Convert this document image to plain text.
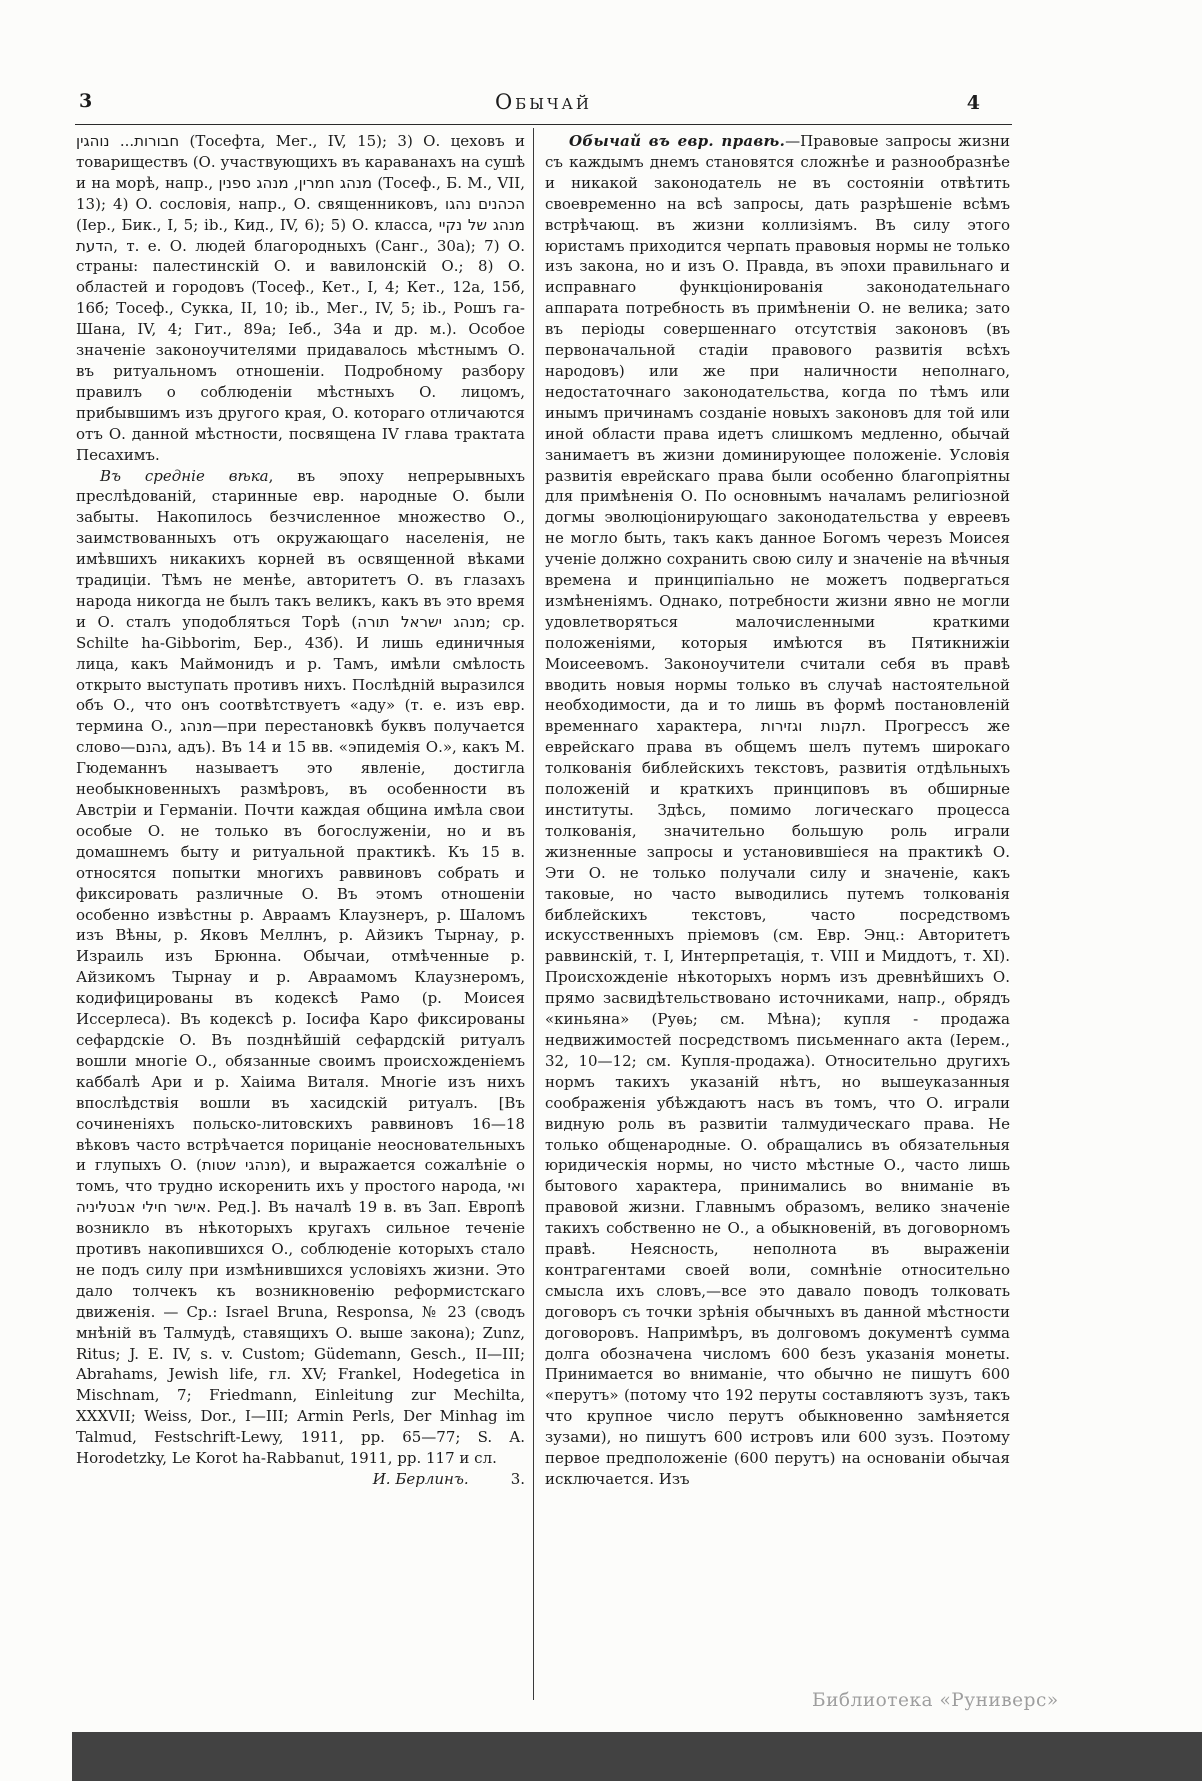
3	Обычай	4

חבורות... נוהגין (Тосефта, Мег., IV, 15); 3) О. цеховъ и товариществъ (О. участвующихъ въ караванахъ на сушѣ и на морѣ, напр., מנהג חמרין, מנהג ספנין (Тосеф., Б. М., VII, 13); 4) О. сословія, напр., О. священниковъ, הכהנים נהגו (Іер., Бик., I, 5; ib., Кид., IV, 6); 5) О. класса, מנהג של נקיי הדעת, т. е. О. людей благородныхъ (Санг., 30а); 7) О. страны: палестинскій О. и вавилонскій О.; 8) О. областей и городовъ (Тосеф., Кет., I, 4; Кет., 12а, 15б, 16б; Тосеф., Сукка, II, 10; ib., Мег., IV, 5; ib., Рошъ га-Шана, IV, 4; Гит., 89а; Іеб., 34а и др. м.). Особое значеніе законоучителями придавалось мѣстнымъ О. въ ритуальномъ отношеніи. Подробному разбору правилъ о соблюденіи мѣстныхъ О. лицомъ, прибывшимъ изъ другого края, О. котораго отличаются отъ О. данной мѣстности, посвящена IV глава трактата Песахимъ.

Въ средніе вѣка, въ эпоху непрерывныхъ преслѣдованій, старинные евр. народные О. были забыты. Накопилось безчисленное множество О., заимствованныхъ отъ окружающаго населенія, не имѣвшихъ никакихъ корней въ освященной вѣками традиціи. Тѣмъ не менѣе, авторитетъ О. въ глазахъ народа никогда не былъ такъ великъ, какъ въ это время и О. сталъ уподобляться Торѣ (מנהג ישראל תורה; ср. Schilte ha-Gibborim, Бер., 43б). И лишь единичныя лица, какъ Маймонидъ и р. Тамъ, имѣли смѣлость открыто выступать противъ нихъ. Послѣдній выразился объ О., что онъ соотвѣтствуетъ «аду» (т. е. изъ евр. термина О., מנהג—при перестановкѣ буквъ получается слово—גהנם, адъ). Въ 14 и 15 вв. «эпидемія О.», какъ М. Гюдеманнъ называетъ это явленіе, достигла необыкновенныхъ размѣровъ, въ особенности въ Австріи и Германіи. Почти каждая община имѣла свои особые О. не только въ богослуженіи, но и въ домашнемъ быту и ритуальной практикѣ. Къ 15 в. относятся попытки многихъ раввиновъ собрать и фиксировать различные О. Въ этомъ отношеніи особенно извѣстны р. Авраамъ Клаузнеръ, р. Шаломъ изъ Вѣны, р. Яковъ Меллнъ, р. Айзикъ Тырнау, р. Израиль изъ Брюнна. Обычаи, отмѣченные р. Айзикомъ Тырнау и р. Авраамомъ Клаузнеромъ, кодифицированы въ кодексѣ Рамо (р. Моисея Иссерлеса). Въ кодексѣ р. Іосифа Каро фиксированы сефардскіе О. Въ позднѣйшій сефардскій ритуалъ вошли многіе О., обязанные своимъ происхожденіемъ каббалѣ Ари и р. Хаіима Виталя. Многіе изъ нихъ впослѣдствія вошли въ хасидскій ритуалъ. [Въ сочиненіяхъ польско-литовскихъ раввиновъ 16—18 вѣковъ часто встрѣчается порицаніе неосновательныхъ и глупыхъ О. (מנהגי שטות), и выражается сожалѣніе о томъ, что трудно искоренить ихъ у простого народа, ואי אישר חילי אבטליניה. Ред.]. Въ началѣ 19 в. въ Зап. Европѣ возникло въ нѣкоторыхъ кругахъ сильное теченіе противъ накопившихся О., соблюденіе которыхъ стало не подъ силу при измѣнившихся условіяхъ жизни. Это дало толчекъ къ возникновенію реформистскаго движенія. — Ср.: Israel Bruna, Responsa, № 23 (сводъ мнѣній въ Талмудѣ, ставящихъ О. выше закона); Zunz, Ritus; J. E. IV, s. v. Custom; Güdemann, Gesch., II—III; Abrahams, Jewish life, гл. XV; Frankel, Hodegetica in Mischnam, 7; Friedmann, Einleitung zur Mechilta, XXXVII; Weiss, Dor., I—III; Armin Perls, Der Minhag im Talmud, Festschrift-Lewy, 1911, pp. 65—77; S. A. Horodetzky, Le Korot ha-Rabbanut, 1911, pp. 117 и сл.
3.
И. Берлинъ.

Обычай въ евр. правѣ.—Правовые запросы жизни съ каждымъ днемъ становятся сложнѣе и разнообразнѣе и никакой законодатель не въ состояніи отвѣтить своевременно на всѣ запросы, дать разрѣшеніе всѣмъ встрѣчающ. въ жизни коллизіямъ. Въ силу этого юристамъ приходится черпать правовыя нормы не только изъ закона, но и изъ О. Правда, въ эпохи правильнаго и исправнаго функціонированія законодательнаго аппарата потребность въ примѣненіи О. не велика; зато въ періоды совершеннаго отсутствія законовъ (въ первоначальной стадіи правового развитія всѣхъ народовъ) или же при наличности неполнаго, недостаточнаго законодательства, когда по тѣмъ или инымъ причинамъ созданіе новыхъ законовъ для той или иной области права идетъ слишкомъ медленно, обычай занимаетъ въ жизни доминирующее положеніе. Условія развитія еврейскаго права были особенно благопріятны для примѣненія О. По основнымъ началамъ религіозной догмы эволюціонирующаго законодательства у евреевъ не могло быть, такъ какъ данное Богомъ черезъ Моисея ученіе должно сохранить свою силу и значеніе на вѣчныя времена и принципіально не можетъ подвергаться измѣненіямъ. Однако, потребности жизни явно не могли удовлетворяться малочисленными краткими положеніями, которыя имѣются въ Пятикнижіи Моисеевомъ. Законоучители считали себя въ правѣ вводить новыя нормы только въ случаѣ настоятельной необходимости, да и то лишь въ формѣ постановленій временнаго характера, תקנות וגזירות. Прогрессъ же еврейскаго права въ общемъ шелъ путемъ широкаго толкованія библейскихъ текстовъ, развитія отдѣльныхъ положеній и краткихъ принциповъ въ обширные институты. Здѣсь, помимо логическаго процесса толкованія, значительно большую роль играли жизненные запросы и установившіеся на практикѣ О. Эти О. не только получали силу и значеніе, какъ таковые, но часто выводились путемъ толкованія библейскихъ текстовъ, часто посредствомъ искусственныхъ пріемовъ (см. Евр. Энц.: Авторитетъ раввинскій, т. I, Интерпретація, т. VIII и Миддотъ, т. XI). Происхожденіе нѣкоторыхъ нормъ изъ древнѣйшихъ О. прямо засвидѣтельствовано источниками, напр., обрядъ «киньяна» (Руѳь; см. Мѣна); купля - продажа недвижимостей посредствомъ письменнаго акта (Іерем., 32, 10—12; см. Купля-продажа). Относительно другихъ нормъ такихъ указаній нѣтъ, но вышеуказанныя соображенія убѣждаютъ насъ въ томъ, что О. играли видную роль въ развитіи талмудическаго права. Не только общенародные. О. обращались въ обязательныя юридическія нормы, но чисто мѣстные О., часто лишь бытового характера, принимались во вниманіе въ правовой жизни. Главнымъ образомъ, велико значеніе такихъ собственно не О., а обыкновеній, въ договорномъ правѣ. Неясность, неполнота въ выраженіи контрагентами своей воли, сомнѣніе относительно смысла ихъ словъ,—все это давало поводъ толковать договоръ съ точки зрѣнія обычныхъ въ данной мѣстности договоровъ. Напримѣръ, въ долговомъ документѣ сумма долга обозначена числомъ 600 безъ указанія монеты. Принимается во вниманіе, что обычно не пишутъ 600 «перутъ» (потому что 192 перуты составляютъ зузъ, такъ что крупное число перутъ обыкновенно замѣняется зузами), но пишутъ 600 истровъ или 600 зузъ. Поэтому первое предположеніе (600 перутъ) на основаніи обычая исключается. Изъ

Библиотека «Руниверс»
